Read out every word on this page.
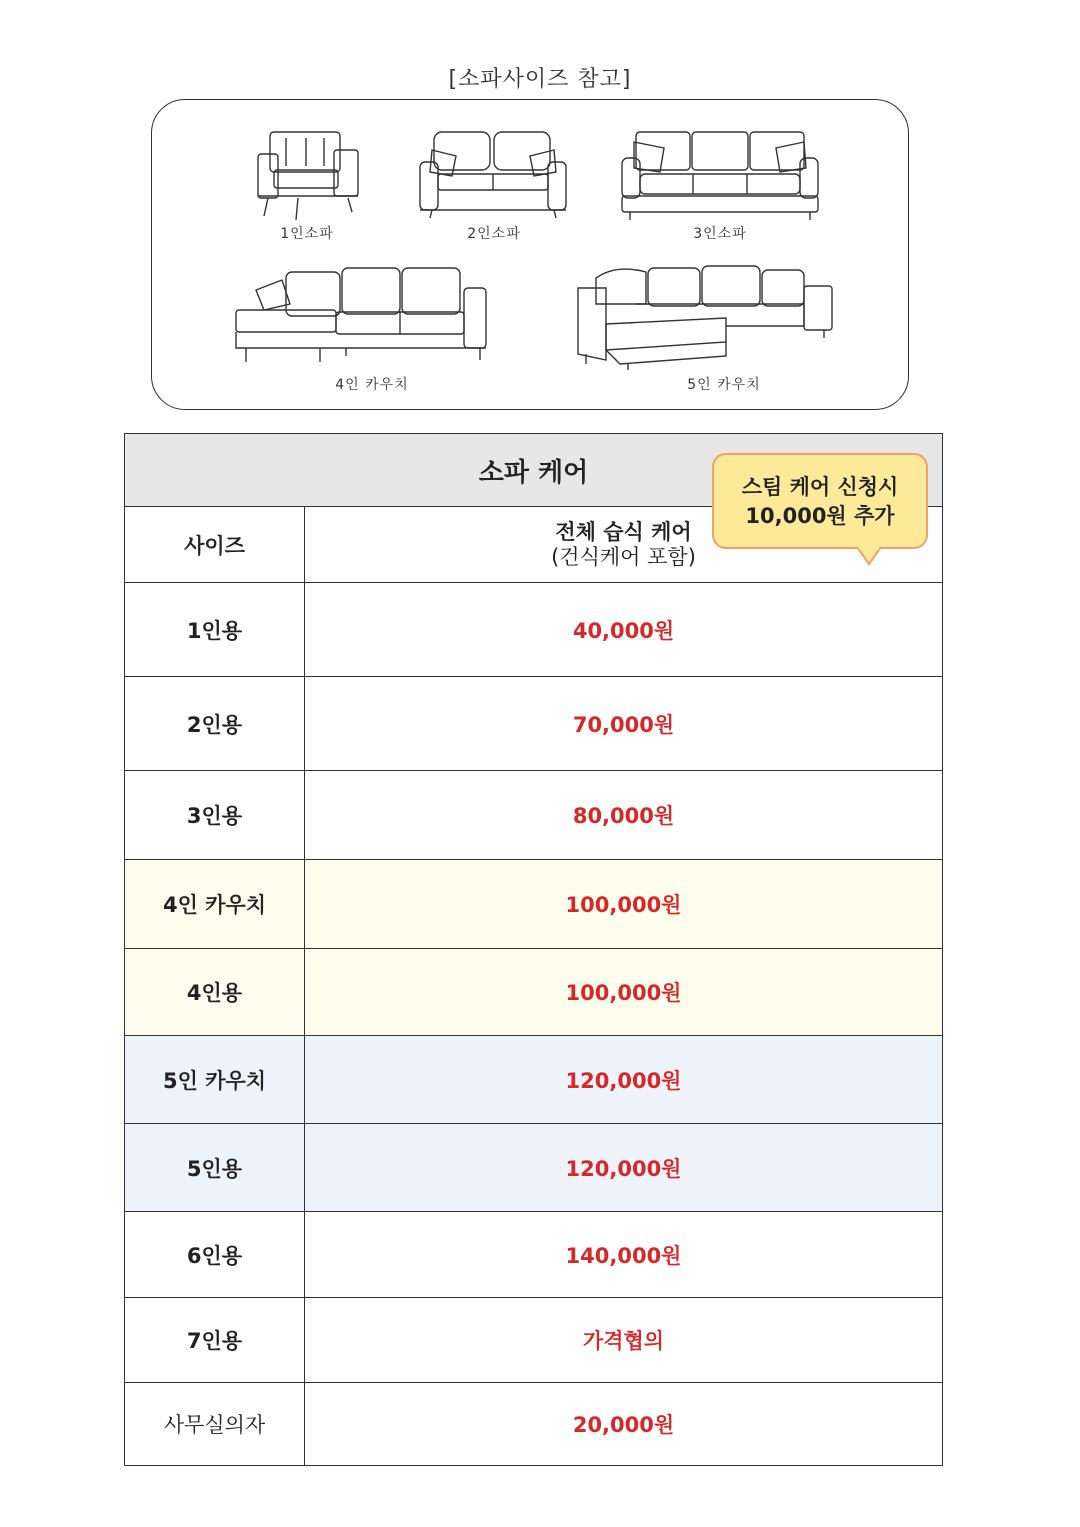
[소파사이즈 참고]
1인소파	2인소파	3인소파
4인 카우치	5인 카우치
소파 케어	
사이즈	전체 습식 케어
(건식케어 포함)
1인용	40,000원
2인용	70,000원
3인용	80,000원
4인 카우치	100,000원
4인용	100,000원
5인 카우치	120,000원
5인용	120,000원
6인용	140,000원
7인용	가격협의
사무실의자	20,000원
스팀 케어 신청시
10,000원 추가
